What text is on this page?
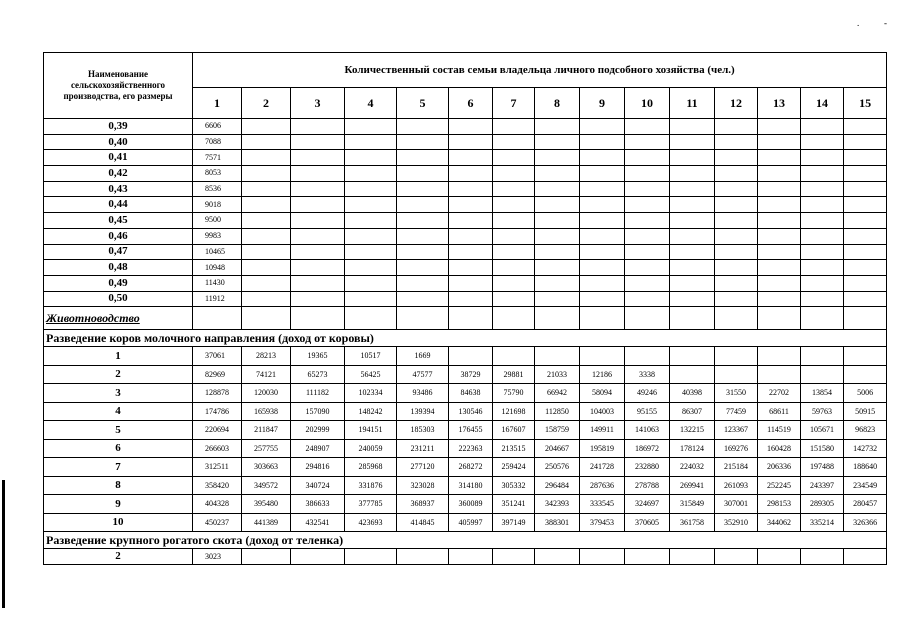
.	-
Наименование сельскохозяйственного производства, его размеры	Количественный состав семьи владельца личного подсобного хозяйства (чел.)														
	1	2	3	4	5	6	7	8	9	10	11	12	13	14	15
0,39	6606														
0,40	7088														
0,41	7571														
0,42	8053														
0,43	8536														
0,44	9018														
0,45	9500														
0,46	9983														
0,47	10465														
0,48	10948														
0,49	11430														
0,50	11912														
Животноводство															
Разведение коров молочного направления (доход от коровы)															
1	37061	28213	19365	10517	1669										
2	82969	74121	65273	56425	47577	38729	29881	21033	12186	3338					
3	128878	120030	111182	102334	93486	84638	75790	66942	58094	49246	40398	31550	22702	13854	5006
4	174786	165938	157090	148242	139394	130546	121698	112850	104003	95155	86307	77459	68611	59763	50915
5	220694	211847	202999	194151	185303	176455	167607	158759	149911	141063	132215	123367	114519	105671	96823
6	266603	257755	248907	240059	231211	222363	213515	204667	195819	186972	178124	169276	160428	151580	142732
7	312511	303663	294816	285968	277120	268272	259424	250576	241728	232880	224032	215184	206336	197488	188640
8	358420	349572	340724	331876	323028	314180	305332	296484	287636	278788	269941	261093	252245	243397	234549
9	404328	395480	386633	377785	368937	360089	351241	342393	333545	324697	315849	307001	298153	289305	280457
10	450237	441389	432541	423693	414845	405997	397149	388301	379453	370605	361758	352910	344062	335214	326366
Разведение крупного рогатого скота (доход от теленка)															
2	3023														
